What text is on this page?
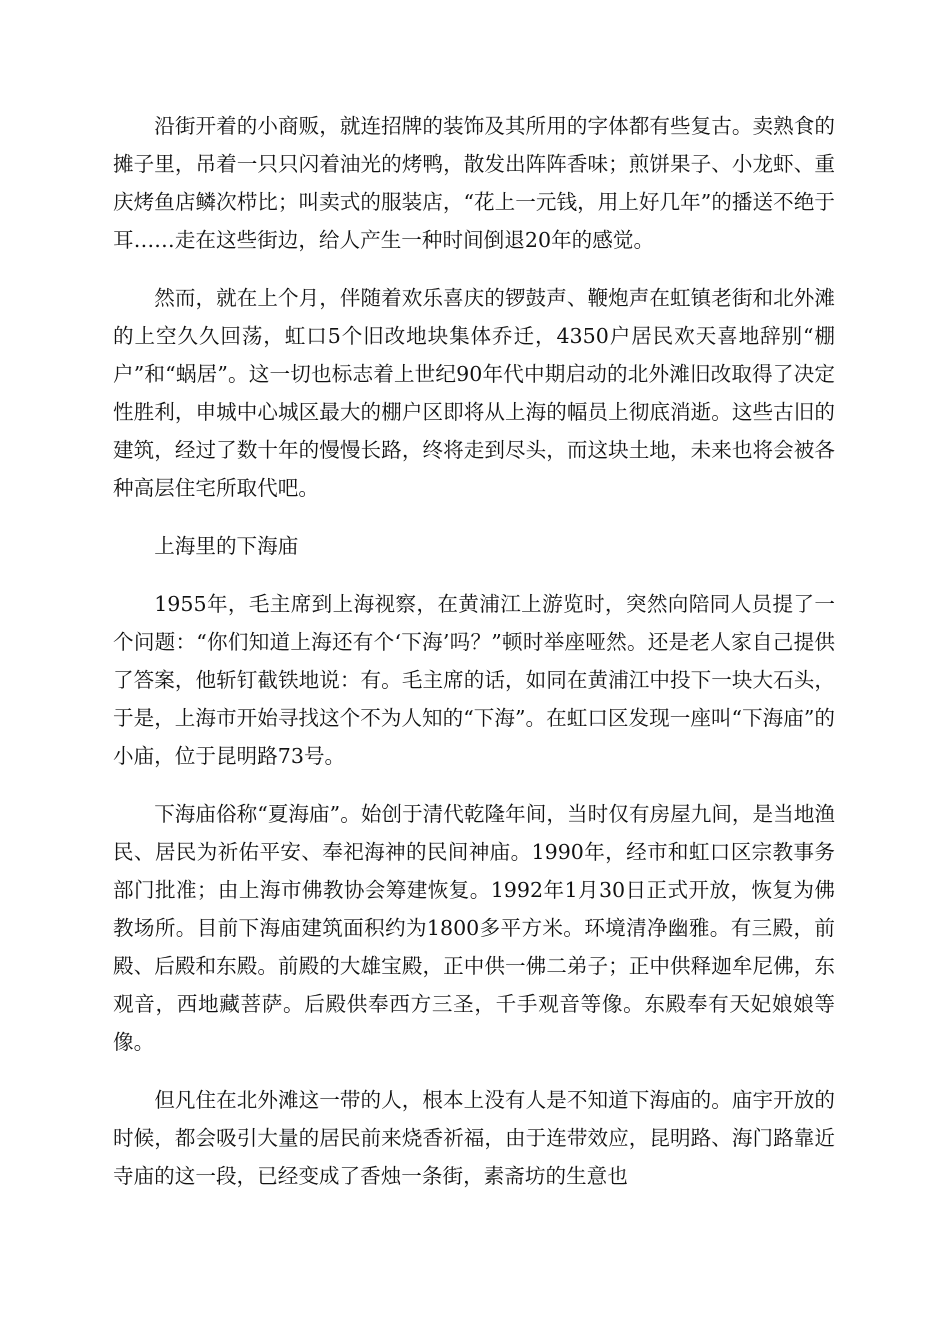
沿街开着的小商贩，就连招牌的装饰及其所用的字体都有些复古。卖熟食的摊子里，吊着一只只闪着油光的烤鸭，散发出阵阵香味；煎饼果子、小龙虾、重庆烤鱼店鳞次栉比；叫卖式的服装店，“花上一元钱，用上好几年”的播送不绝于耳……走在这些街边，给人产生一种时间倒退20年的感觉。

然而，就在上个月，伴随着欢乐喜庆的锣鼓声、鞭炮声在虹镇老街和北外滩的上空久久回荡，虹口5个旧改地块集体乔迁，4350户居民欢天喜地辞别“棚户”和“蜗居”。这一切也标志着上世纪90年代中期启动的北外滩旧改取得了决定性胜利，申城中心城区最大的棚户区即将从上海的幅员上彻底消逝。这些古旧的建筑，经过了数十年的慢慢长路，终将走到尽头，而这块土地，未来也将会被各种高层住宅所取代吧。

上海里的下海庙

1955年，毛主席到上海视察，在黄浦江上游览时，突然向陪同人员提了一个问题：“你们知道上海还有个‘下海’吗？”顿时举座哑然。还是老人家自己提供了答案，他斩钉截铁地说：有。毛主席的话，如同在黄浦江中投下一块大石头，于是，上海市开始寻找这个不为人知的“下海”。在虹口区发现一座叫“下海庙”的小庙，位于昆明路73号。

下海庙俗称“夏海庙”。始创于清代乾隆年间，当时仅有房屋九间，是当地渔民、居民为祈佑平安、奉祀海神的民间神庙。1990年，经市和虹口区宗教事务部门批准；由上海市佛教协会筹建恢复。1992年1月30日正式开放，恢复为佛教场所。目前下海庙建筑面积约为1800多平方米。环境清净幽雅。有三殿，前殿、后殿和东殿。前殿的大雄宝殿，正中供一佛二弟子；正中供释迦牟尼佛，东观音，西地藏菩萨。后殿供奉西方三圣，千手观音等像。东殿奉有天妃娘娘等像。

但凡住在北外滩这一带的人，根本上没有人是不知道下海庙的。庙宇开放的时候，都会吸引大量的居民前来烧香祈福，由于连带效应，昆明路、海门路靠近寺庙的这一段，已经变成了香烛一条街，素斋坊的生意也
